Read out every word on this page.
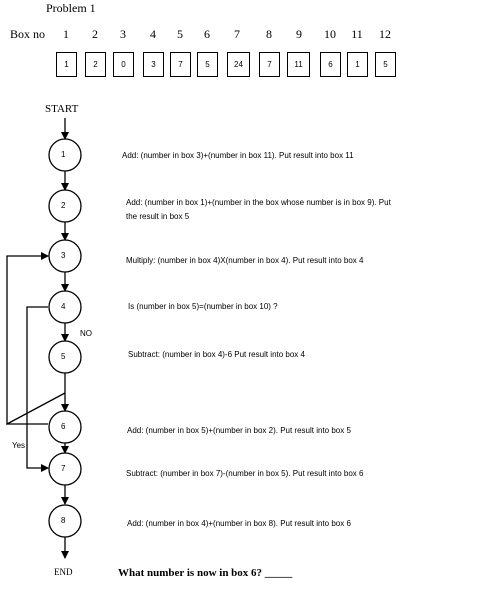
Problem 1
Box no	1	2	3	4	5	6	7	8	9	10	11	12
1	2	0	3	7	5	24	7	11	6	1	5
START
END
NO
Yes
1
2
3
4
5
6
7
8
Add: (number in box 3)+(number in box 11). Put result into box 11
Add: (number in box 1)+(number in the box whose number is in box 9). Put
the result in box 5
Multiply: (number in box 4)X(number in box 4). Put result into box 4
Is (number in box 5)=(number in box 10) ?
Subtract: (number in box 4)-6 Put result into box 4
Add: (number in box 5)+(number in box 2). Put result into box 5
Subtract: (number in box 7)-(number in box 5). Put result into box 6
Add: (number in box 4)+(number in box 8). Put result into box 6
What number is now in box 6? _____
